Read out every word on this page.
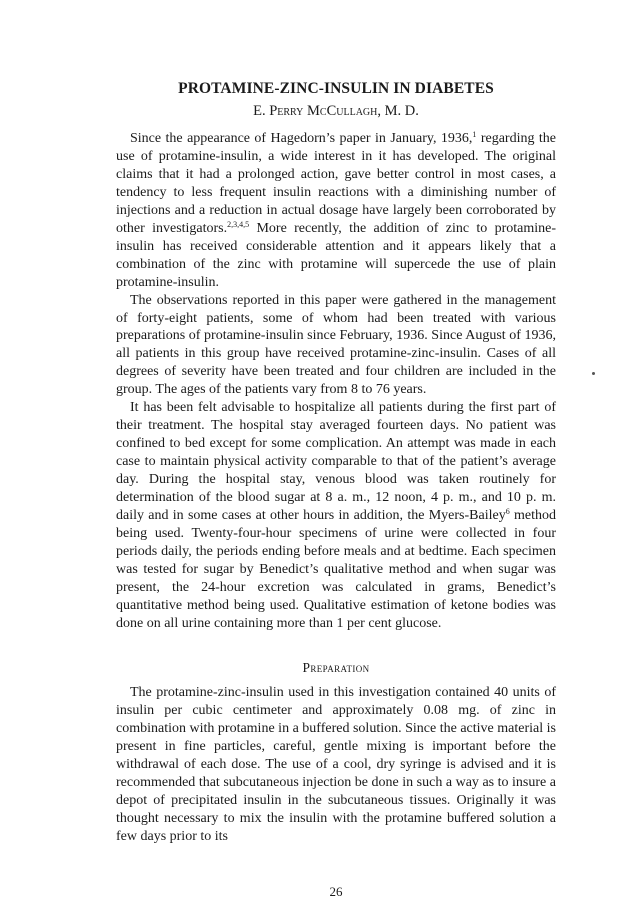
PROTAMINE-ZINC-INSULIN IN DIABETES
E. Perry McCullagh, M. D.

Since the appearance of Hagedorn’s paper in January, 1936,$^1$ regarding the use of protamine-insulin, a wide interest in it has developed. The original claims that it had a prolonged action, gave better control in most cases, a tendency to less frequent insulin reactions with a diminishing number of injections and a reduction in actual dosage have largely been corroborated by other investigators.$^{2,3,4,5}$ More recently, the addition of zinc to protamine-insulin has received considerable attention and it appears likely that a combination of the zinc with protamine will supercede the use of plain protamine-insulin.

The observations reported in this paper were gathered in the management of forty-eight patients, some of whom had been treated with various preparations of protamine-insulin since February, 1936. Since August of 1936, all patients in this group have received protamine-zinc-insulin. Cases of all degrees of severity have been treated and four children are included in the group. The ages of the patients vary from 8 to 76 years.

It has been felt advisable to hospitalize all patients during the first part of their treatment. The hospital stay averaged fourteen days. No patient was confined to bed except for some complication. An attempt was made in each case to maintain physical activity comparable to that of the patient’s average day. During the hospital stay, venous blood was taken routinely for determination of the blood sugar at 8 a. m., 12 noon, 4 p. m., and 10 p. m. daily and in some cases at other hours in addition, the Myers-Bailey$^6$ method being used. Twenty-four-hour specimens of urine were collected in four periods daily, the periods ending before meals and at bedtime. Each specimen was tested for sugar by Benedict’s qualitative method and when sugar was present, the 24-hour excretion was calculated in grams, Benedict’s quantitative method being used. Qualitative estimation of ketone bodies was done on all urine containing more than 1 per cent glucose.

Preparation

The protamine-zinc-insulin used in this investigation contained 40 units of insulin per cubic centimeter and approximately 0.08 mg. of zinc in combination with protamine in a buffered solution. Since the active material is present in fine particles, careful, gentle mixing is important before the withdrawal of each dose. The use of a cool, dry syringe is advised and it is recommended that subcutaneous injection be done in such a way as to insure a depot of precipitated insulin in the subcutaneous tissues. Originally it was thought necessary to mix the insulin with the protamine buffered solution a few days prior to its

26
